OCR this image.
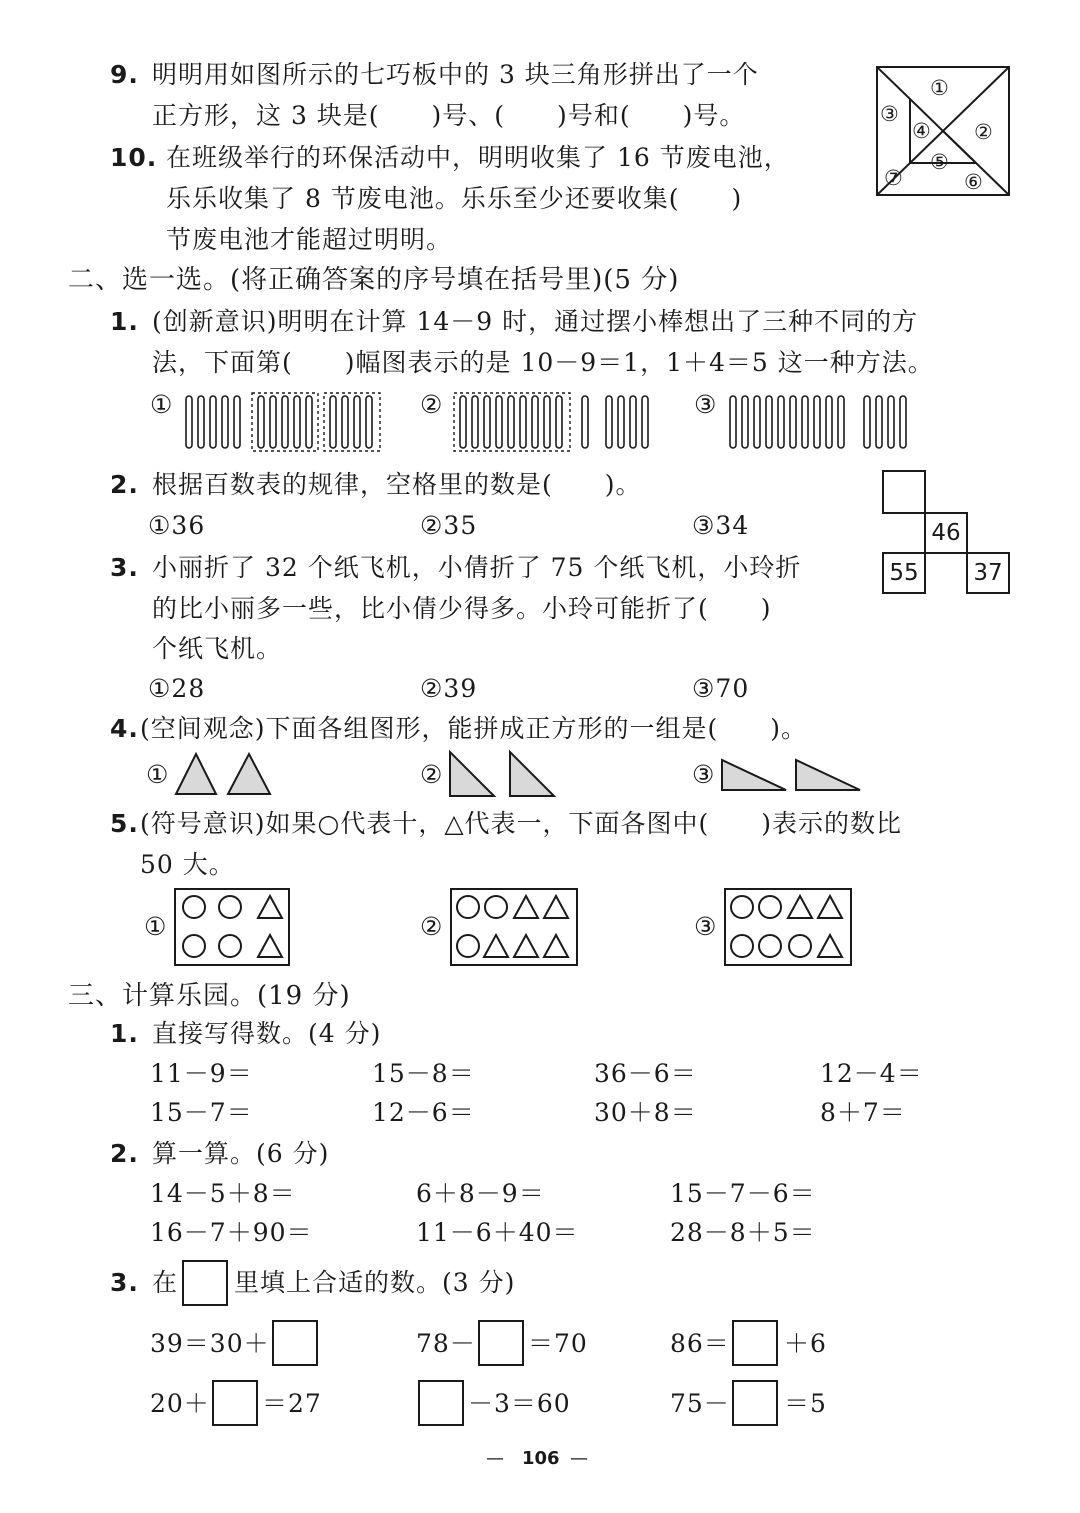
9. 明明用如图所示的七巧板中的 3 块三角形拼出了一个
正方形，这 3 块是(　　)号、(　　)号和(　　)号。
①
②
③
④
⑤
⑥
⑦
10. 在班级举行的环保活动中，明明收集了 16 节废电池，
乐乐收集了 8 节废电池。乐乐至少还要收集(　　)
节废电池才能超过明明。
二、选一选。(将正确答案的序号填在括号里)(5 分)
1. (创新意识)明明在计算 14－9 时，通过摆小棒想出了三种不同的方
法，下面第(　　)幅图表示的是 10－9＝1，1＋4＝5 这一种方法。
①	②	③
2. 根据百数表的规律，空格里的数是(　　)。
①36	②35	③34	46
55	37
3. 小丽折了 32 个纸飞机，小倩折了 75 个纸飞机，小玲折
的比小丽多一些，比小倩少得多。小玲可能折了(　　)
个纸飞机。
①28	②39	③70
4. (空间观念)下面各组图形，能拼成正方形的一组是(　　)。
①	②	③
5. (符号意识)如果○代表十，△代表一，下面各图中(　　)表示的数比
50 大。
①	②	③
三、计算乐园。(19 分)
1. 直接写得数。(4 分)
11－9＝	15－8＝	36－6＝	12－4＝
15－7＝	12－6＝	30＋8＝	8＋7＝
2. 算一算。(6 分)
14－5＋8＝	6＋8－9＝	15－7－6＝
16－7＋90＝	11－6＋40＝	28－8＋5＝
3. 在 里填上合适的数。(3 分)
39＝30＋	78－ ＝70	86＝ ＋6
20＋ ＝27	－3＝60	75－ ＝5
— 106 —
